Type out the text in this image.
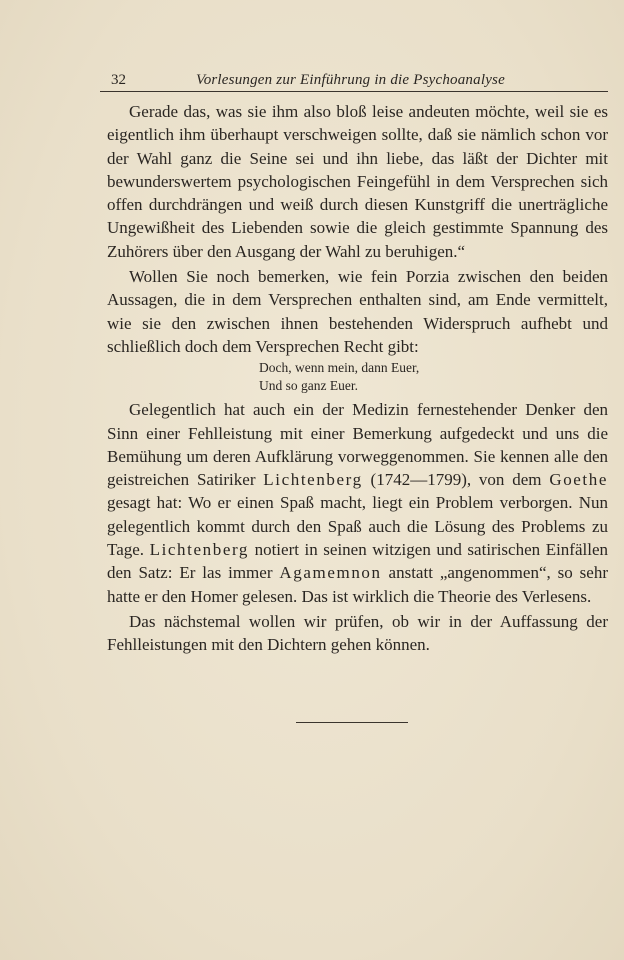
32	Vorlesungen zur Einführung in die Psychoanalyse

Gerade das, was sie ihm also bloß leise andeuten möchte, weil sie es eigentlich ihm überhaupt verschweigen sollte, daß sie nämlich schon vor der Wahl ganz die Seine sei und ihn liebe, das läßt der Dichter mit bewunderswertem psychologischen Feingefühl in dem Versprechen sich offen durchdrängen und weiß durch diesen Kunstgriff die unerträgliche Ungewißheit des Liebenden sowie die gleich gestimmte Spannung des Zuhörers über den Ausgang der Wahl zu beruhigen.“

Wollen Sie noch bemerken, wie fein Porzia zwischen den beiden Aussagen, die in dem Versprechen enthalten sind, am Ende vermittelt, wie sie den zwischen ihnen bestehenden Widerspruch aufhebt und schließlich doch dem Versprechen Recht gibt:

Doch, wenn mein, dann Euer,
Und so ganz Euer.

Gelegentlich hat auch ein der Medizin fernestehender Denker den Sinn einer Fehlleistung mit einer Bemerkung aufgedeckt und uns die Bemühung um deren Aufklärung vorweggenommen. Sie kennen alle den geistreichen Satiriker Lichtenberg (1742—1799), von dem Goethe gesagt hat: Wo er einen Spaß macht, liegt ein Problem verborgen. Nun gelegentlich kommt durch den Spaß auch die Lösung des Problems zu Tage. Lichtenberg notiert in seinen witzigen und satirischen Einfällen den Satz: Er las immer Agamemnon anstatt „angenommen“, so sehr hatte er den Homer gelesen. Das ist wirklich die Theorie des Verlesens.

Das nächstemal wollen wir prüfen, ob wir in der Auffassung der Fehlleistungen mit den Dichtern gehen können.
